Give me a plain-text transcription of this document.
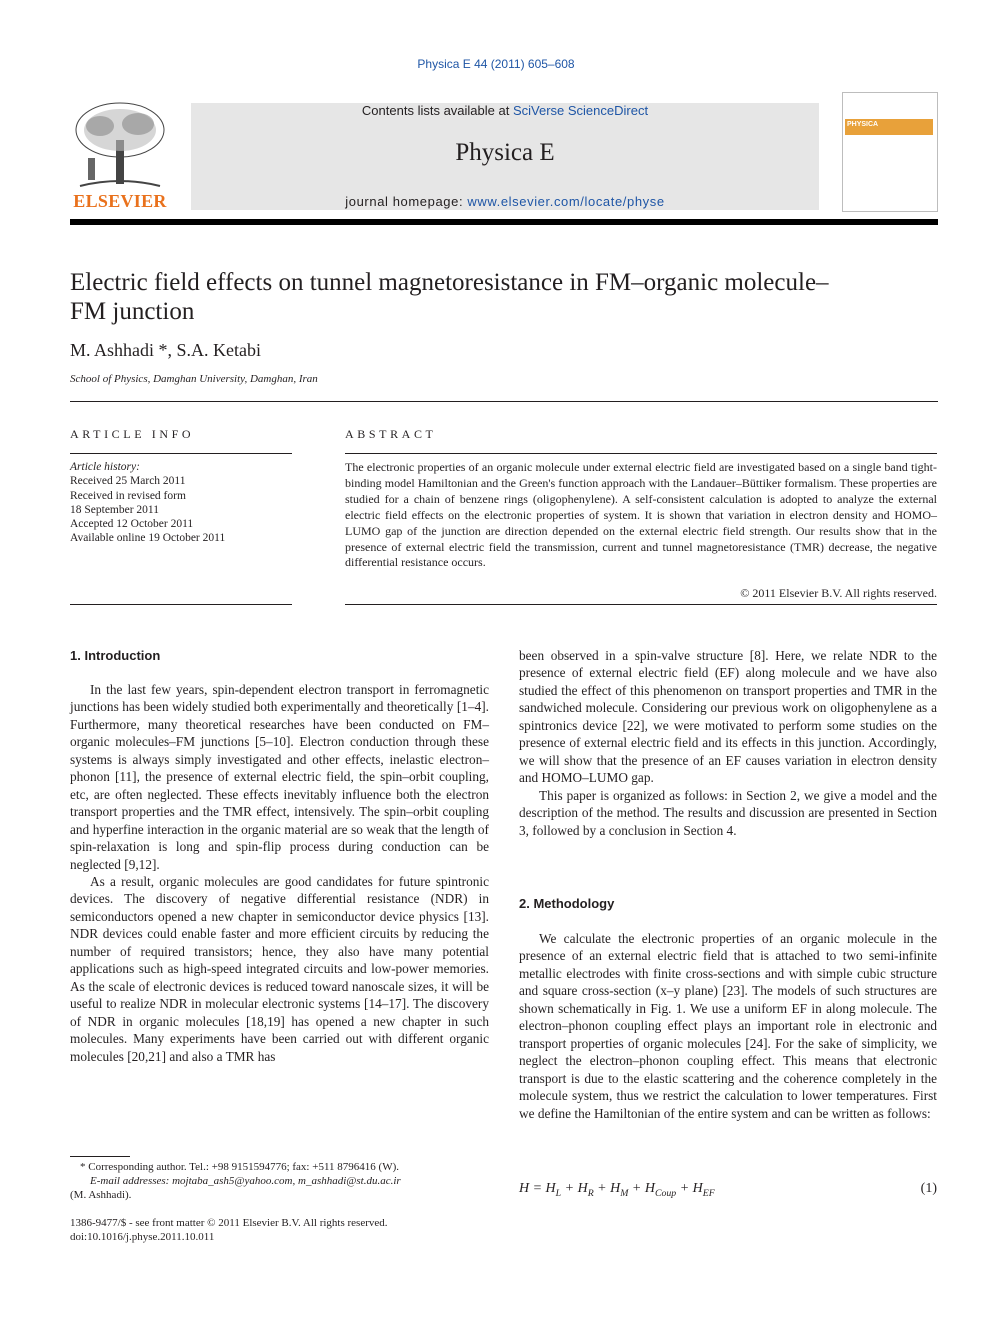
Physica E 44 (2011) 605–608
ELSEVIER
Contents lists available at SciVerse ScienceDirect
Physica E
journal homepage: www.elsevier.com/locate/physe
PHYSICA
Electric field effects on tunnel magnetoresistance in FM–organic molecule–FM junction
M. Ashhadi *, S.A. Ketabi
School of Physics, Damghan University, Damghan, Iran
ARTICLE INFO
Article history:
Received 25 March 2011
Received in revised form
18 September 2011
Accepted 12 October 2011
Available online 19 October 2011
ABSTRACT
The electronic properties of an organic molecule under external electric field are investigated based on a single band tight-binding model Hamiltonian and the Green's function approach with the Landauer–Büttiker formalism. These properties are studied for a chain of benzene rings (oligophenylene). A self-consistent calculation is adopted to analyze the external electric field effects on the electronic properties of system. It is shown that variation in electron density and HOMO–LUMO gap of the junction are direction depended on the external electric field strength. Our results show that in the presence of external electric field the transmission, current and tunnel magnetoresistance (TMR) decrease, the negative differential resistance occurs.
© 2011 Elsevier B.V. All rights reserved.
1. Introduction

In the last few years, spin-dependent electron transport in ferromagnetic junctions has been widely studied both experimentally and theoretically [1–4]. Furthermore, many theoretical researches have been conducted on FM–organic molecules–FM junctions [5–10]. Electron conduction through these systems is always simply investigated and other effects, inelastic electron–phonon [11], the presence of external electric field, the spin–orbit coupling, etc, are often neglected. These effects inevitably influence both the electron transport properties and the TMR effect, intensively. The spin–orbit coupling and hyperfine interaction in the organic material are so weak that the length of spin-relaxation is long and spin-flip process during conduction can be neglected [9,12].

As a result, organic molecules are good candidates for future spintronic devices. The discovery of negative differential resistance (NDR) in semiconductors opened a new chapter in semiconductor device physics [13]. NDR devices could enable faster and more efficient circuits by reducing the number of required transistors; hence, they also have many potential applications such as high-speed integrated circuits and low-power memories. As the scale of electronic devices is reduced toward nanoscale sizes, it will be useful to realize NDR in molecular electronic systems [14–17]. The discovery of NDR in organic molecules [18,19] has opened a new chapter in such molecules. Many experiments have been carried out with different organic molecules [20,21] and also a TMR has

been observed in a spin-valve structure [8]. Here, we relate NDR to the presence of external electric field (EF) along molecule and we have also studied the effect of this phenomenon on transport properties and TMR in the sandwiched molecule. Considering our previous work on oligophenylene as a spintronics device [22], we were motivated to perform some studies on the presence of external electric field and its effects in this junction. Accordingly, we will show that the presence of an EF causes variation in electron density and HOMO–LUMO gap.

This paper is organized as follows: in Section 2, we give a model and the description of the method. The results and discussion are presented in Section 3, followed by a conclusion in Section 4.

2. Methodology

We calculate the electronic properties of an organic molecule in the presence of an external electric field that is attached to two semi-infinite metallic electrodes with finite cross-sections and with simple cubic structure and square cross-section (x–y plane) [23]. The models of such structures are shown schematically in Fig. 1. We use a uniform EF in along molecule. The electron–phonon coupling effect plays an important role in electronic and transport properties of organic molecules [24]. For the sake of simplicity, we neglect the electron–phonon coupling effect. This means that electronic transport is due to the elastic scattering and the coherence completely in the molecule system, thus we restrict the calculation to lower temperatures. First we define the Hamiltonian of the entire system and can be written as follows:

$H = H_L + H_R + H_M + H_{Coup} + H_{EF}$	(1)
* Corresponding author. Tel.: +98 9151594776; fax: +511 8796416 (W).
E-mail addresses: mojtaba_ash5@yahoo.com, m_ashhadi@st.du.ac.ir
(M. Ashhadi).
1386-9477/$ - see front matter © 2011 Elsevier B.V. All rights reserved.
doi:10.1016/j.physe.2011.10.011
